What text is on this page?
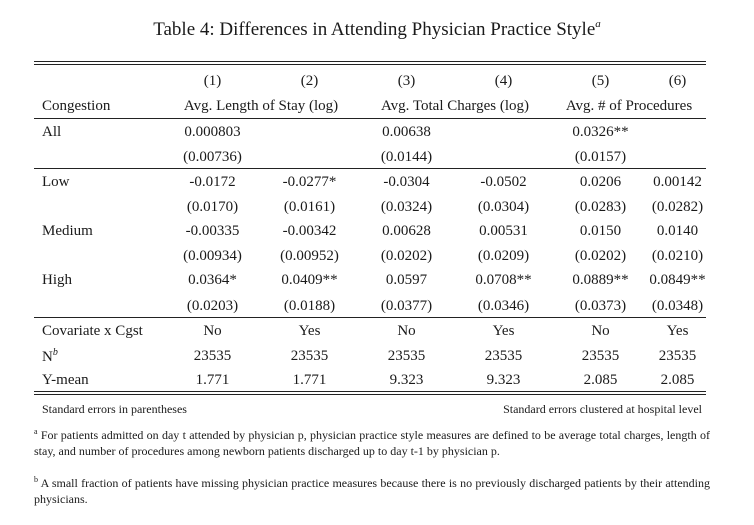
Table 4: Differences in Attending Physician Practice Style$^a$
	(1)	(2)	(3)	(4)	(5)	(6)
Congestion	Avg. Length of Stay (log)		Avg. Total Charges (log)		Avg. # of Procedures	
All	0.000803		0.00638		0.0326**	
	(0.00736)		(0.0144)		(0.0157)	
Low	-0.0172	-0.0277*	-0.0304	-0.0502	0.0206	0.00142
	(0.0170)	(0.0161)	(0.0324)	(0.0304)	(0.0283)	(0.0282)
Medium	-0.00335	-0.00342	0.00628	0.00531	0.0150	0.0140
	(0.00934)	(0.00952)	(0.0202)	(0.0209)	(0.0202)	(0.0210)
High	0.0364*	0.0409**	0.0597	0.0708**	0.0889**	0.0849**
	(0.0203)	(0.0188)	(0.0377)	(0.0346)	(0.0373)	(0.0348)
Covariate x Cgst	No	Yes	No	Yes	No	Yes
$N^b$	23535	23535	23535	23535	23535	23535
Y-mean	1.771	1.771	9.323	9.323	2.085	2.085
Standard errors in parentheses	Standard errors clustered at hospital level
$^a$ For patients admitted on day t attended by physician p, physician practice style measures are defined to be average total charges, length of stay, and number of procedures among newborn patients discharged up to day t-1 by physician p.
$^b$ A small fraction of patients have missing physician practice measures because there is no previously discharged patients by their attending physicians.
